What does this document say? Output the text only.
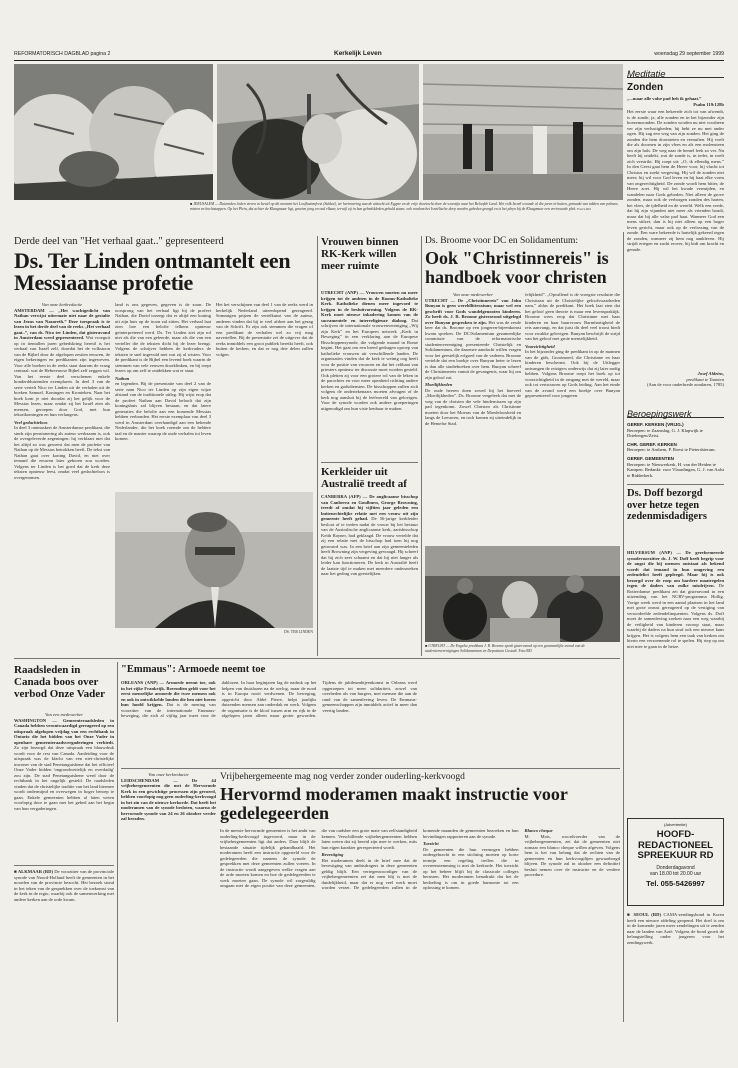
REFORMATORISCH DAGBLAD pagina 2	Kerkelijk Leven	woensdag 29 september 1999
■ JERUSALEM — Duizenden Joden vieren in Israël op dit moment het Loofhuttenfeest (Sukkot), ter herinnering aan de uittocht uit Egypte en de vrije doortocht door de woestijn naar het Beloofde Land. Het volk Israël woonde al die jaren in hutten, gemaakt van takken van palmen, mirten en bochtstappen. Op het Plein, dat achter de Klaagmuur ligt, groeten jong en oud elkaar, terwijl zij in hun gebedskleden gehuld staan; ook rondom het Israëlische dorp worden gebeden gezegd en is het pleyn bij de Klaagmuur een vertrouwde plek. Foto's RD
Meditatie
Zonden
„...maar alle valse pad heb ik gehaat.”
Psalm 119:128b
Het eerste waar een bekeerde zich tot van afwendt, is de zonde, ja, alle zonden en in het bijzonder zijn boezemzonden. De zonden worden nu niet voorheen ver zijn verlustigheden; hij hebt ze nu met ander ogen. Hij zag een weg van zijn zonden. Het ging de zonden die hem doornieten en vernuften. Hij voelt die als doornen in zijn vlees en als een molensteen om zijn hals. De weg naar de hemel leek zo ver. Nu heeft hij ontdekt, wat de zonde is, in ieder, in voelt zich verstrikt. Hij roept uit: „O, ik ellendig mens.” In den Geest gaat hem de Heere voor, hij vlucht tot Christus en zoekt vergeving. Hij wil de zonden niet meer; hij wil voor God leven en hij haat elke vorm van ongerechtigheid. De zonde wordt hem bitter, de Heere zoet. Hij wil het kwade vermijden, en wandelen naar Gods geboden. Niet alleen de grove zonden, maar ook de verborgen zonden des harten, het vlees, de ijdelheid en de wereld. Welk een vrede, dat hij zijn vijanden niet meer als vrienden houdt, maar dat hij alle valse pad haat. Wanneer God een mens stilzet, dan is hij niet alleen op een hoger leven gericht, maar ook op de verlossing van de zonde. Een ware bekeerde is hartelijk gekeerd tegen de zonden, wanneer zij hem nog aankleven. Hij strijdt ertegen en zucht erover, hij bidt om kracht en genade.
Josef Aldeins,
predikant te Taanten
(Aan de voor onderbrede zondaren, 1785)
Beroepingswerk
GEREF. KERKEN (VRIJG.)
Beroepen: te Zaamslag, G. J. Klapwijk te Driebergen/Zeist.
CHR. GEREF. KERKEN
Beroepen: te Arnhem, P. Roest te Pietersbierum.
GEREF. GEMEENTEN
Beroepen: te Nieuwerkerk, H. van der Heiden te Kampen. Bedankt: voor Vlaardingen, G. J. van Aalst te Ridderkerk.
Ds. Doff bezorgd over hetze tegen zedenmisdadigers
HILVERSUM (ANP) — De gereformeerde synodevoorzitter ds. J. W. Doff heeft begrip voor de angst die bij mensen ontstaat als bekend wordt dat iemand in hun omgeving een zedendelict heeft gepleegd. Maar hij is ook bezorgd over de roep om hardere maatregelen tegen de daders van zulke misdrijven. De Rotterdamse predikant zei dat gisteravond in een uitzending van het NCRV-programma Hollig. Vorige week werd in een aantal plaatsen in het land met grote onrust gereageerd op de vestiging van veroordeelde zedendelinquenten. Volgens ds. Doff moet de samenleving zoeken naar een weg waarbij de veiligheid van kinderen voorop staat, maar waarbij de daders na hun straf ook een nieuwe kans krijgen. Het is volgens hem een taak van kerken om hierin een verzoenende rol te spelen. Hij riep op om niet mee te gaan in de hetze.
(Advertentie)
HOOFD-REDACTIONEEL SPREEKUUR RD
Donderdagavond
van 18.00 tot 20.00 uur
Tel. 055-5426997
■ SEOUL (RD) CAMA-zendingsbond in Korea heeft een nieuwe afdeling geopend. Het doel is om in de komende jaren meer zendelingen uit te zenden naar de landen van Azië. Volgens de bond groeit de belangstelling onder jongeren voor het zendingswerk.
Derde deel van "Het verhaal gaat.." gepresenteerd
Ds. Ter Linden ontmantelt een Messiaanse profetie
Van onze kerkredactie
AMSTERDAM — „Het wachtgedicht van Nathan verwijst uitermate niet naar de gestalte van Jezus van Nazareth.” Deze toespraak is te lezen in het derde deel van de reeks „Het verhaal gaat..”, van ds. Nico ter Linden, dat gisteravond in Amsterdam werd gepresenteerd. Wat vroeguit op in tientallen jaren gebedskring bereid is het verhaal van Israël zelf, doordat het de volkstoon van de Bijbel door de afgelopen zestien eeuwen, de eigen bekeringen en predikanten zijn ingeweven. Voor alle boeken in de reeks staat daarom de vraag centraal: wat de Hebreeuwse Bijbel zelf zeggen wil. Van het eerste deel verschenen enkele honderdduizenden exemplaren. In deel 3 van de serie vertelt Nico ter Linden uit de verhalen uit de boeken Samuel, Koningen en Kronieken. Naar het boek kom je niet doordat zij het gelijk voor de Messias lezen, maar omdat zij het Israël zien als mensen, geroepen door God, met hun tekortkomingen en hun verlangens.
Veel gedachteloos
In deel 3 ontmaskert de Amsterdamse predikant, die sinds zijn pensionering als auteur werkzaam is, ook de overgeleverde zegeningen: hij verklaart niet dat het altijd zo was geweest dat men de profetie van Nathan op de Messias betrokken heeft. De tekst van Nathan gaat over koning David, en niet over iemand die eeuwen later geboren zou worden. Volgens ter Linden is het goed dat de kerk deze teksten opnieuw leest, omdat veel gedachteloos is overgenomen.
land is ons gegeven, gegeven is de zoon. De oorsprong van het verhaal ligt bij de profeet Nathan, die David toezegt dat er altijd een koning uit zijn huis op de troon zal zitten. Het verhaal laat zien hoe een belofte telkens opnieuw geïnterpreteerd werd. Ds. Ter Linden ziet zijn rol niet als die van een geleerde, maar als die van een verteller die de teksten dicht bij de lezer brengt. Volgens de schrijver hebben de kerkvaders de teksten te snel ingevuld met wat zij al wisten. Voor de predikant is de Bijbel een levend boek waarin de stemmen van vele eeuwen doorklinken, en hij roept lezers op om zelf te ontdekken wat er staat.
Nathan
en legenden. Bij de presentatie van deel 2 van de serie nam Nico ter Linden op zijn eigen wijze afstand van de traditionele uitleg. Hij wijst erop dat de profeet Nathan aan David belooft dat zijn koningshuis zal blijven bestaan, en dat latere generaties die belofte aan een komende Messias hebben verbonden. Het eerste exemplaar van deel 3 werd in Amsterdam overhandigd aan een bekende Nederlander, die het boek roemde om de heldere taal en de manier waarop de oude verhalen tot leven komen.
Het het verschijnen van deel 1 van de reeks werd in kerkelijk Nederland uiteenlopend gereageerd. Sommigen prijzen de vertelkunst van de auteur, anderen vinden dat hij te veel afdoet aan het gezag van de Schrift. Er zijn ook stemmen die vragen of een predikant de verhalen wel zo vrij mag navertellen. Bij de presentatie zei de uitgever dat de reeks inmiddels een groot publiek bereikt heeft, ook buiten de kerken, en dat er nog drie delen zullen volgen.
DS. TER LINDEN
Vrouwen binnen RK-Kerk willen meer ruimte
UTRECHT (ANP) — Vrouwen moeten nu meer krijgen tot de ambten in de Rooms-Katholieke Kerk. Katholieke dienen meer ingevoed te krijgen in de besluitvorming. Volgens de RK-Kerk moet nieuwe inkadering komen van de sacramentele en interreligieuze dialoog. Dat schrijven de internationale vrouwenvereniging „Wij zijn Kerk” en het Europees netwerk „Kerk in Beweging” in een verklaring aan de Europese Bisschoppensynode, die volgende maand in Rome begint. Het gaat om een breed gedragen oproep van katholieke vrouwen uit verschillende landen. De organisaties vinden dat de kerk te weinig oog heeft voor de positie van vrouwen en dat het celibaat van priesters opnieuw ter discussie moet worden gesteld. Ook pleiten zij voor een grotere rol van de leken in de parochies en voor meer openheid richting andere kerken en godsdiensten. De bisschoppen zullen zich volgens de ondertekenaars moeten afvragen of de kerk nog aansluit bij de leefwereld van gelovigen. Voor de synode worden ook andere groeperingen uitgenodigd om hun visie kenbaar te maken.
Kerkleider uit Australië treedt af
CANBERRA (AFP) — De anglicaanse bisschop van Canberra en Goulburn, George Browning, treedt af omdat hij vijftien jaar geleden een buitenechtelijke relatie met een vrouw uit zijn gemeente heeft gehad. De 56-jarige kerkleider besloot af te treden nadat de vrouw bij het bestuur van de Australische anglicaanse kerk, aartsbisschop Keith Rayner, had geklaagd. De vrouw vertelde dat zij een relatie met de bisschop had toen hij nog getrouwd was. In een brief aan zijn gemeenteleden heeft Browning zijn vergeving gevraagd. Hij schreef dat hij zich zeer schaamt en dat hij niet langer als leider kan functioneren. De kerk in Australië heeft de laatste tijd te maken met meerdere onderzoeken naar het gedrag van geestelijken.
Ds. Broome voor DC en Solidamentum:
Ook "Christinnereis" is handboek voor christen
Van onze medewerker
UTRECHT — De „Christinnereis” van John Bunyan is geen wereldlitteratuur, maar wel een geschrift voor Gods wandelgenooten kinderen. Zo heeft ds. J. R. Broome gisteravond uitgelegd over Bunyan gesproken te zijn. Het was de zesde keer dat ds. Broome op een jongeren-bijeenkomst kwam spreken. De DC/Solamentum gezamenlijke commissie van de reformatorische studentenvereniging presenteerde Christelijk en Solidamentum, die daarmee aandacht willen vragen voor het geestelijk erfgoed van de vaderen. Broome vertelde dat een boekje over Bunyan beter te lezen is dan alle studieboeken over hem. Bunyan schreef de Christinnereis vanuit de gevangenis, waar hij om zijn geloof zat.
Moeilijkheden
De oude heeren doen zoved bij het hoeveel „Moeilijkheden”. Ds. Broome vergeleek dat met de weg van de christen die vele hindernissen op zijn pad tegenkomt. Zowel Christen als Christinne moeten door het Moeras van de Moedeloosheid en langs de Leeuwen, en toch komen zij uiteindelijk in de Hemelse Stad.
felijkheid”. „Opvallend is de vroegste resolutie die Christiaan uit de Christelijke geloofswaarheden nam,” aldus de predikant. Het boek laat zien dat het geloof geen theorie is maar een levenspraktijk. Broome wees erop dat Christinne met haar kinderen en haar buurvrouw Barmhartigheid de reis aanvangt, en dat juist dit deel veel troost biedt voor zwakke gelovigen. Bunyan beschrijft de strijd van het geloof met grote menselijkheid.
Voorzichtigheid
In het bijzonder ging de predikant in op de mannen van de gids, Grootmoed, die Christinne en haar kinderen beschermt. Ook bij de Uitlegger ontvangen de reizigers onderwijs dat zij later nodig hebben. Volgens Broome roept het boek op tot voorzichtigheid in de omgang met de wereld, maar ook tot vertrouwen op Gods leiding. Aan het einde van de avond werd een boekje over Bunyan gepresenteerd voor jongeren.
■ UTRECHT — De Engelse predikant J. R. Broome sprak gisteravond op een gezamenlijke avond van de studentenverenigingen Solidamentum en Depositum Custodi. Foto RD
Raadsleden in Canada boos over verbod Onze Vader
Van een medewerker
WASHINGTON — Gemeenteraadsleden in Canada hebben verontwaardigd gereageerd op een uitspraak afgelopen vrijdag van een rechtbank in Ontario die het bidden van het Onze Vader in openbare gemeenteraadsvergaderingen verbiedt. Zo zijn bezorgd dat deze uitspraak een blauwdruk wordt voor de rest van Canada. Aanleiding voor de uitspraak was de klacht van een niet-christelijke inwoner van de stad Penetanguishene dat het officieel Onze Vader bidden 'ongrondwettelijk en overdadig' zou zijn. De stad Penetanguishene werd door de rechtbank in het ongelijk gesteld. De raadsleden vinden dat de christelijke traditie van het land hiermee wordt ondermijnd en overwegen in hoger beroep te gaan. Enkele gemeenten hebben al laten weten voorlopig door te gaan met het gebed aan het begin van hun vergaderingen.
■ ALKMAAR (RD) De voorzitter van de provinciale synode van Noord-Holland heeft de gemeenten in het noorden van de provincie bezocht. Het bezoek stond in het teken van de gesprekken over de toekomst van de kerk in de regio, waarbij ook de samenwerking met andere kerken aan de orde kwam.
"Emmaus": Armoede neemt toe
ORLEANS (ANP) — Armoede neemt toe, ook in het rijke Frankrijk. Bovendien geldt voor het eerst menselijke armoede die twee mensen ook en ook in ontwikkelde landen die hen niet boven hun hoofd krijgen. Dat is de mening van voorzitter van de internationale Emmaus-beweging, die zich al vijftig jaar inzet voor de daklozen. In haar beginjaren lag de nadruk op het helpen van thuislozen na de oorlog, maar de nood is in Europa nooit verdwenen. De beweging, opgericht door Abbé Pierre, helpt jaarlijks duizenden mensen aan onderdak en werk. Volgens de organisatie is de kloof tussen arm en rijk in de afgelopen jaren alleen maar groter geworden. Tijdens de jubileumbijeenkomst in Orleans werd opgeroepen tot meer solidariteit, zowel van overheden als van burgers, met mensen die aan de rand van de samenleving leven. De Emmaus-gemeenschappen zijn inmiddels actief in meer dan veertig landen.
Vrijbehergemeente mag nog verder zonder ouderling-kerkvoogd
Hervormd moderamen maakt instructie voor gedelegeerden
Van onze kerkredactie
LEIDSCHENDAM — De 44 vrijbehergemeenten die met de Hervormde Kerk in een gewichtige processen zijn gevoerd, hebben voorlopig nog geen ouderling-kerkvoogd in het zin van de nieuwe kerkorde. Dat heeft het moderamen van de synode besloten, waarna de hervormde synode van 24 en 26 oktober verder zal beraden.
In de meeste hervormde gemeenten is het ambt van ouderling-kerkvoogd ingevoerd, maar in de vrijbehergemeenten ligt dat anders. Daar blijft de bestaande situatie tijdelijk gehandhaafd. Het moderamen heeft een instructie opgesteld voor de gedelegeerden die namens de synode de gesprekken met deze gemeenten zullen voeren. In de instructie wordt aangegeven welke vragen aan de orde moeten komen en hoe de gedelegeerden te werk moeten gaan. De synode wil zorgvuldig omgaan met de eigen positie van deze gemeenten, die van oudsher een grote mate van zelfstandigheid kennen. Verschillende vrijbehergemeenten hebben laten weten dat zij bereid zijn mee te werken, mits hun eigen karakter gerespecteerd wordt.
Bevestiging
Het moderamen deelt in de brief mee dat de bevestiging van ambtsdragers in deze gemeenten geldig blijft. Een vertegenwoordiger van de vrijbehergemeenten zei dat men blij is met de duidelijkheid, maar dat er nog veel werk moet worden verzet. De gedelegeerden zullen in de komende maanden de gemeenten bezoeken en hun bevindingen rapporteren aan de synode.
Toezicht
De gemeenten die hun vermogen hebben ondergebracht in een stichting moeten op korte termijn een regeling treffen die in overeenstemming is met de kerkorde. Het toezicht op het beheer blijft bij de classicale colleges berusten. Het moderamen benadrukt dat het de bedoeling is om in goede harmonie tot een oplossing te komen.
Blanco cheque
M. Mais, woordvoerder van de vrijbehergemeenten, zei dat de gemeenten niet zomaar een blanco cheque willen afgeven. Volgens hem is het van belang dat de rechten van de gemeenten en hun kerkvoogdijen gewaarborgd blijven. De synode zal in oktober een definitief besluit nemen over de instructie en de verdere procedure.
